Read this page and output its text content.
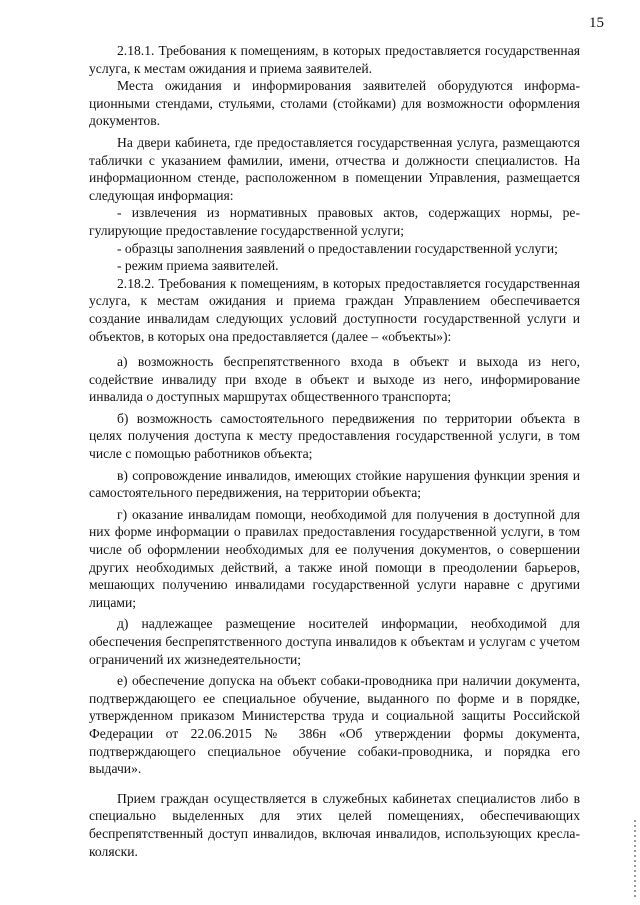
15

2.18.1. Требования к помещениям, в которых предоставляется государственная услуга, к местам ожидания и приема заявителей.

Места ожидания и информирования заявителей оборудуются информационными стендами, стульями, столами (стойками) для возможности оформления документов.

На двери кабинета, где предоставляется государственная услуга, размещаются таблички с указанием фамилии, имени, отчества и должности специалистов. На информационном стенде, расположенном в помещении Управления, размещается следующая информация:

- извлечения из нормативных правовых актов, содержащих нормы, регулирующие предоставление государственной услуги;

- образцы заполнения заявлений о предоставлении государственной услуги;

- режим приема заявителей.

2.18.2. Требования к помещениям, в которых предоставляется государственная услуга, к местам ожидания и приема граждан Управлением обеспечивается создание инвалидам следующих условий доступности государственной услуги и объектов, в которых она предоставляется (далее – «объекты»):

а) возможность беспрепятственного входа в объект и выхода из него, содействие инвалиду при входе в объект и выходе из него, информирование инвалида о доступных маршрутах общественного транспорта;

б) возможность самостоятельного передвижения по территории объекта в целях получения доступа к месту предоставления государственной услуги, в том числе с помощью работников объекта;

в) сопровождение инвалидов, имеющих стойкие нарушения функции зрения и самостоятельного передвижения, на территории объекта;

г) оказание инвалидам помощи, необходимой для получения в доступной для них форме информации о правилах предоставления государственной услуги, в том числе об оформлении необходимых для ее получения документов, о совершении других необходимых действий, а также иной помощи в преодолении барьеров, мешающих получению инвалидами государственной услуги наравне с другими лицами;

д) надлежащее размещение носителей информации, необходимой для обеспечения беспрепятственного доступа инвалидов к объектам и услугам с учетом ограничений их жизнедеятельности;

е) обеспечение допуска на объект собаки-проводника при наличии документа, подтверждающего ее специальное обучение, выданного по форме и в порядке, утвержденном приказом Министерства труда и социальной защиты Российской Федерации от 22.06.2015 № 386н «Об утверждении формы документа, подтверждающего специальное обучение собаки-проводника, и порядка его выдачи».

Прием граждан осуществляется в служебных кабинетах специалистов либо в специально выделенных для этих целей помещениях, обеспечивающих беспрепятственный доступ инвалидов, включая инвалидов, использующих кресла-коляски.
